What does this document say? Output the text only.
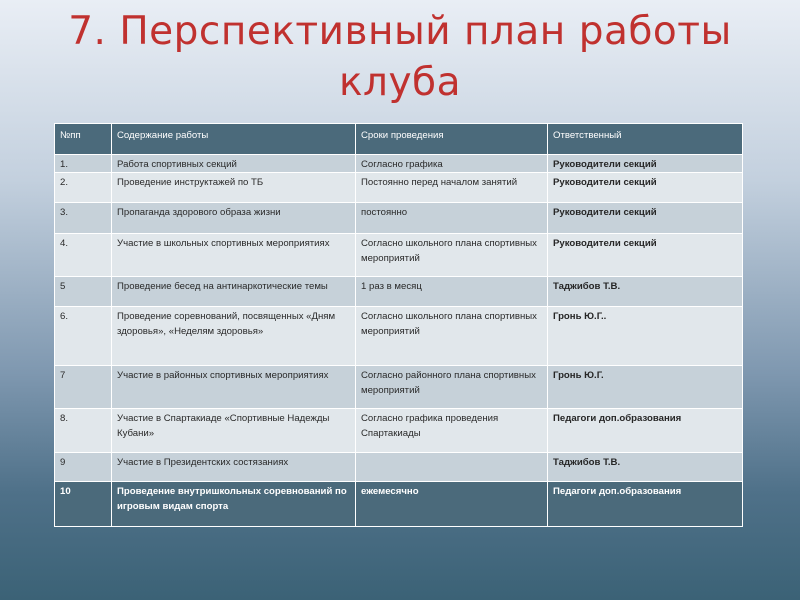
7. Перспективный план работы
клуба
№пп	Содержание работы	Сроки проведения	Ответственный
1.	Работа спортивных секций	Согласно графика	Руководители секций
2.	Проведение инструктажей по ТБ	Постоянно перед началом занятий	Руководители секций
3.	Пропаганда здорового образа жизни	постоянно	Руководители секций
4.	Участие в школьных спортивных мероприятиях	Согласно школьного плана спортивных мероприятий	Руководители секций
5	Проведение бесед на антинаркотические темы	1 раз в месяц	Таджибов Т.В.
6.	Проведение соревнований, посвященных «Дням здоровья», «Неделям здоровья»	Согласно школьного плана спортивных мероприятий	Гронь Ю.Г..
7	Участие в районных спортивных мероприятиях	Согласно районного плана спортивных мероприятий	Гронь Ю.Г.
8.	Участие в Спартакиаде «Спортивные Надежды Кубани»	Согласно графика проведения Спартакиады	Педагоги доп.образования
9	Участие в Президентских состязаниях		Таджибов Т.В.
10	Проведение внутришкольных соревнований по игровым видам спорта	ежемесячно	Педагоги доп.образования
